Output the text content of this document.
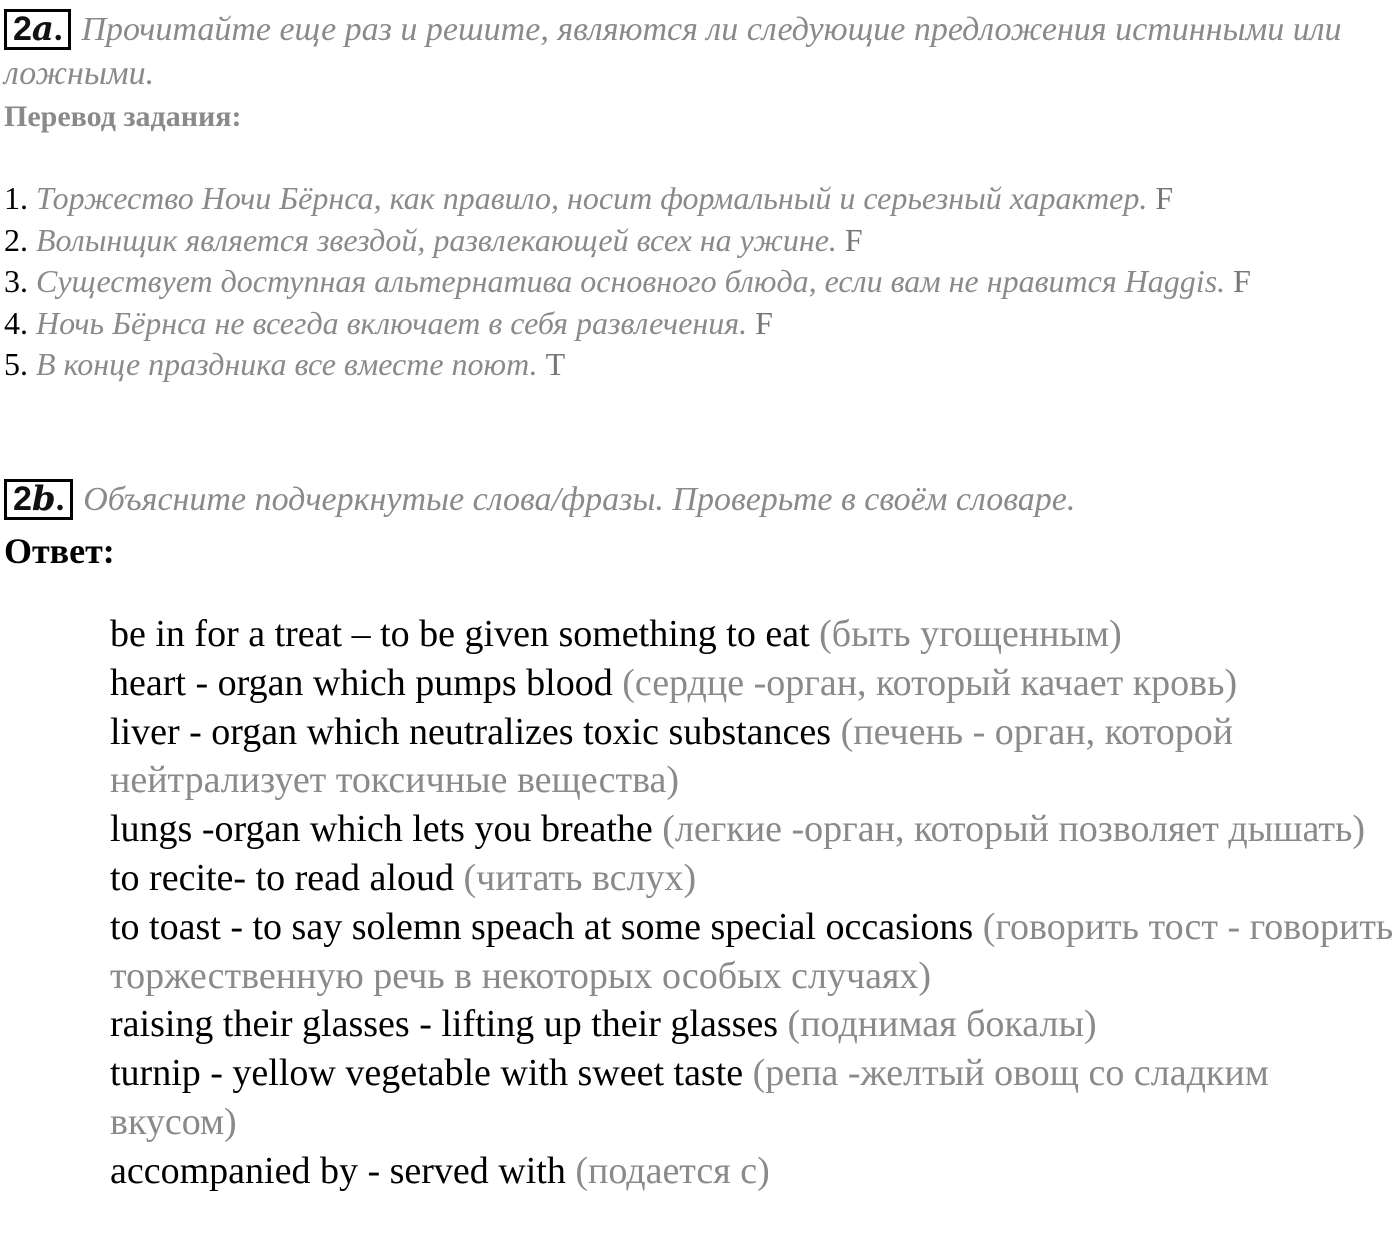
2a. Прочитайте еще раз и решите, являются ли следующие предложения истинными или ложными.
Перевод задания:
1. Торжество Ночи Бёрнса, как правило, носит формальный и серьезный характер. F
2. Волынщик является звездой, развлекающей всех на ужине. F
3. Существует доступная альтернатива основного блюда, если вам не нравится Haggis. F
4. Ночь Бёрнса не всегда включает в себя развлечения. F
5. В конце праздника все вместе поют. T
2b. Объясните подчеркнутые слова/фразы. Проверьте в своём словаре.
Ответ:
be in for a treat – to be given something to eat (быть угощенным)
heart - organ which pumps blood (сердце -орган, который качает кровь)
liver - organ which neutralizes toxic substances (печень - орган, которой нейтрализует токсичные вещества)
lungs -organ which lets you breathe (легкие -орган, который позволяет дышать)
to recite- to read aloud (читать вслух)
to toast - to say solemn speach at some special occasions (говорить тост - говорить торжественную речь в некоторых особых случаях)
raising their glasses - lifting up their glasses (поднимая бокалы)
turnip - yellow vegetable with sweet taste (репа -желтый овощ со сладким вкусом)
accompanied by - served with (подается с)
